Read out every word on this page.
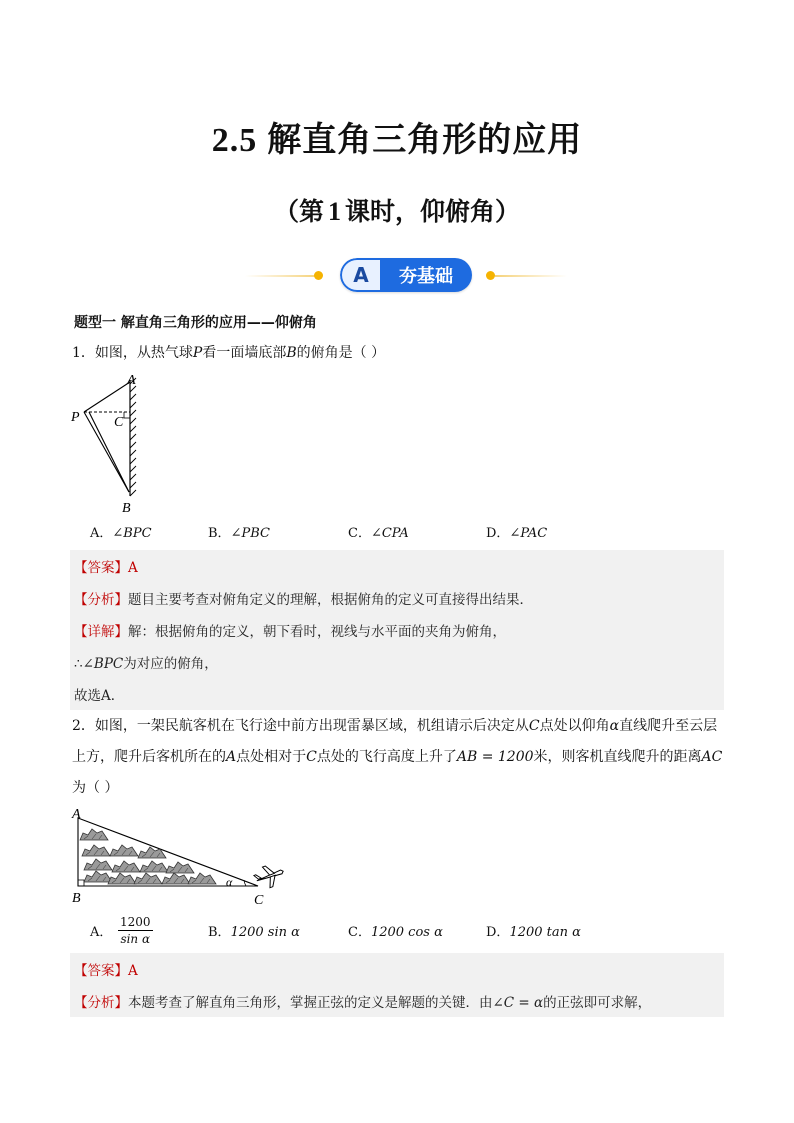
2.5 解直角三角形的应用
（第 1 课时，仰俯角）
A	夯基础
题型一 解直角三角形的应用——仰俯角
1．如图，从热气球P看一面墙底部B的俯角是（ ）
A
P C
B
A．∠BPC	B．∠PBC	C．∠CPA	D．∠PAC
【答案】A
【分析】题目主要考查对俯角定义的理解，根据俯角的定义可直接得出结果．
【详解】解：根据俯角的定义，朝下看时，视线与水平面的夹角为俯角，
∴∠BPC为对应的俯角，
故选A．
2．如图，一架民航客机在飞行途中前方出现雷暴区域，机组请示后决定从C点处以仰角α直线爬升至云层
上方，爬升后客机所在的A点处相对于C点处的飞行高度上升了AB = 1200米，则客机直线爬升的距离AC
为（ ）
A
B	C
α
A． $\frac{1200}{\text{sin α}}$	B．1200 sin α	C．1200 cos α	D．1200 tan α
【答案】A
【分析】本题考查了解直角三角形，掌握正弦的定义是解题的关键．由∠C = α的正弦即可求解，
